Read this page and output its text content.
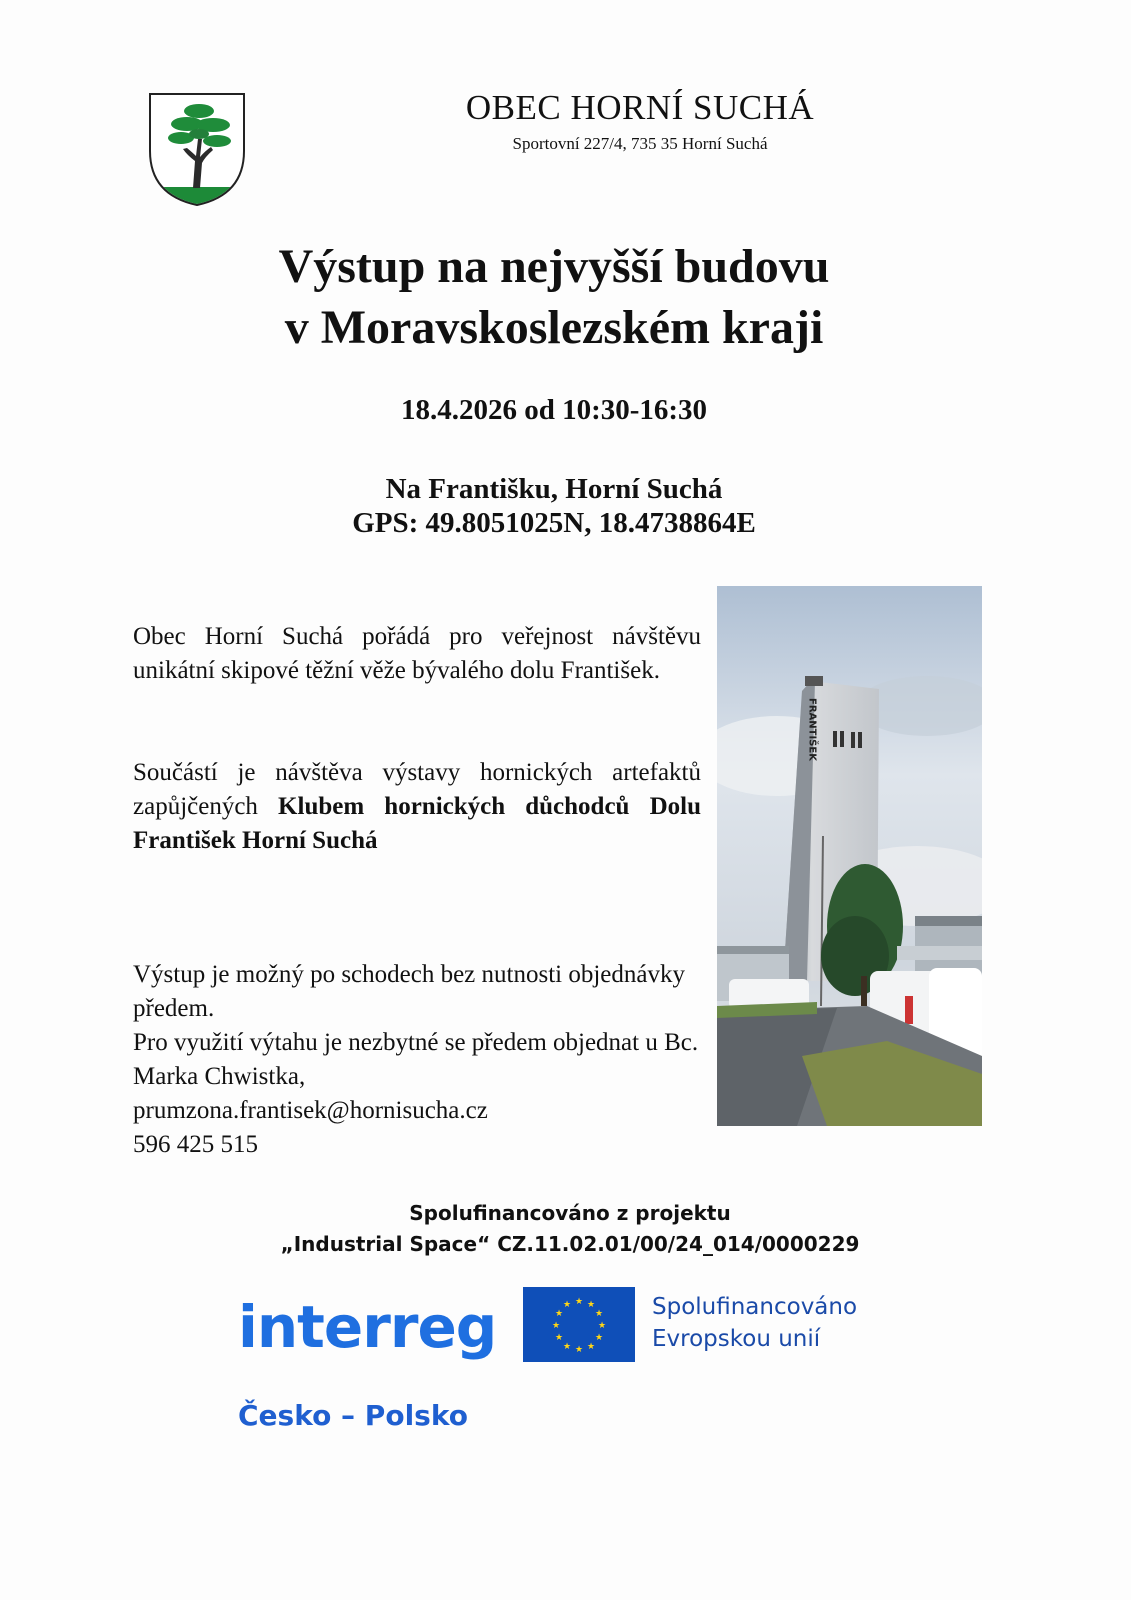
OBEC HORNÍ SUCHÁ
Sportovní 227/4, 735 35 Horní Suchá
Výstup na nejvyšší budovu
v Moravskoslezském kraji
18.4.2026 od 10:30-16:30
Na Františku, Horní Suchá
GPS: 49.8051025N, 18.4738864E
Obec Horní Suchá pořádá pro veřejnost návštěvu unikátní skipové těžní věže bývalého dolu František.
Součástí je návštěva výstavy hornických artefaktů zapůjčených Klubem hornických důchodců Dolu František Horní Suchá
Výstup je možný po schodech bez nutnosti objednávky předem.
Pro využití výtahu je nezbytné se předem objednat u Bc. Marka Chwistka,
prumzona.frantisek@hornisucha.cz
596 425 515
FRANTIŠEK
Spolufinancováno z projektu
„Industrial Space“ CZ.11.02.01/00/24_014/0000229
interreg	★ ★
★
★
★
★
★
★
★
★
★
★	Spolufinancováno
Evropskou unií
Česko – Polsko
